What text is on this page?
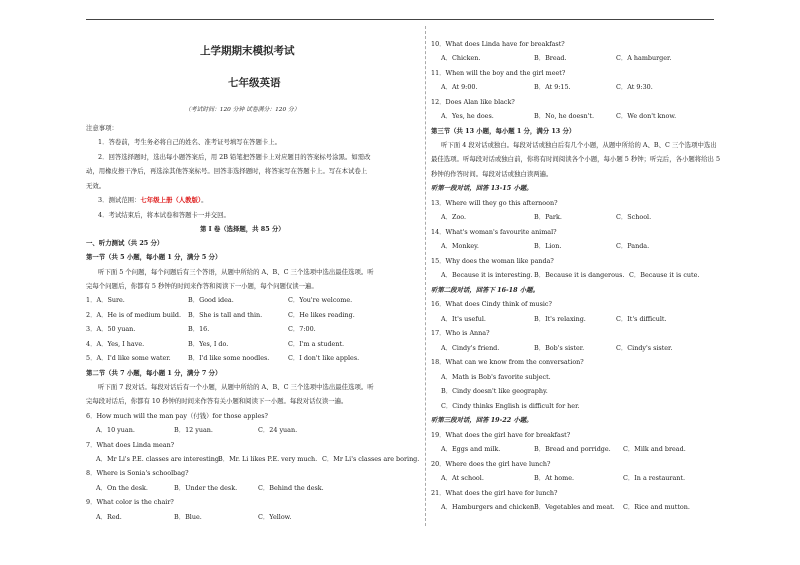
上学期期末模拟考试
七年级英语
（考试时间：120 分钟 试卷满分：120 分）
注意事项：
1．答卷前，考生务必将自己的姓名、准考证号填写在答题卡上。
2．回答选择题时，选出每小题答案后，用 2B 铅笔把答题卡上对应题目的答案标号涂黑。如需改
动，用橡皮擦干净后，再选涂其他答案标号。回答非选择题时，将答案写在答题卡上。写在本试卷上
无效。
3．测试范围：七年级上册（人教版）。
4．考试结束后，将本试卷和答题卡一并交回。
第 I 卷（选择题，共 85 分）
一、听力测试（共 25 分）
第一节（共 5 小题，每小题 1 分，满分 5 分）
听下面 5 个问题，每个问题后有三个答语，从题中所给的 A、B、C 三个选项中选出最佳选项。听
完每个问题后，你都有 5 秒钟的时间来作答和阅读下一小题，每个问题仅读一遍。
1．A．Sure.	B．Good idea.	C．You're welcome.
2．A．He is of medium build. B．She is tall and thin.	C．He likes reading.
3．A．50 yuan.	B．16.	C．7:00.
4．A．Yes, I have.	B．Yes, I do.	C．I'm a student.
5．A．I'd like some water.	B．I'd like some noodles.	C．I don't like apples.
第二节（共 7 小题，每小题 1 分，满分 7 分）
听下面 7 段对话。每段对话后有一个小题，从题中所给的 A、B、C 三个选项中选出最佳选项。听
完每段对话后，你都有 10 秒钟的时间来作答有关小题和阅读下一小题。每段对话仅读一遍。
6．How much will the man pay（付钱）for those apples?
A．10 yuan.	B．12 yuan.	C．24 yuan.
7．What does Linda mean?
A．Mr Li's P.E. classes are interesting.B．Mr. Li likes P.E. very much. C．Mr Li's classes are boring.
8．Where is Sonia's schoolbag?
A．On the desk.	B．Under the desk.	C．Behind the desk.
9．What color is the chair?
A．Red.	B．Blue.	C．Yellow.
10．What does Linda have for breakfast?
A．Chicken.	B．Bread.	C．A hamburger.
11．When will the boy and the girl meet?
A．At 9:00.	B．At 9:15.	C．At 9:30.
12．Does Alan like black?
A．Yes, he does.	B．No, he doesn't.	C．We don't know.
第三节（共 13 小题，每小题 1 分，满分 13 分）
听下面 4 段对话或独白。每段对话或独白后有几个小题，从题中所给的 A、B、C 三个选项中选出
最佳选项。听每段对话或独白前，你将有时间阅读各个小题，每小题 5 秒钟；听完后，各小题将给出 5
秒钟的作答时间。每段对话或独白读两遍。
听第一段对话，回答 13-15 小题。
13．Where will they go this afternoon?
A．Zoo.	B．Park.	C．School.
14．What's woman's favourite animal?
A．Monkey.	B．Lion.	C．Panda.
15．Why does the woman like panda?
A．Because it is interesting.B．Because it is dangerous. C．Because it is cute.
听第二段对话，回答下 16-18 小题。
16．What does Cindy think of music?
A．It's useful.	B．It's relaxing.	C．It's difficult.
17．Who is Anna?
A．Cindy's friend.	B．Bob's sister.	C．Cindy's sister.
18．What can we know from the conversation?
A．Math is Bob's favorite subject.
B．Cindy doesn't like geography.
C．Cindy thinks English is difficult for her.
听第三段对话，回答 19-22 小题。
19．What does the girl have for breakfast?
A．Eggs and milk.	B．Bread and porridge. C．Milk and bread.
20．Where does the girl have lunch?
A．At school.	B．At home.	C．In a restaurant.
21．What does the girl have for lunch?
A．Hamburgers and chicken.B．Vegetables and meat. C．Rice and mutton.
